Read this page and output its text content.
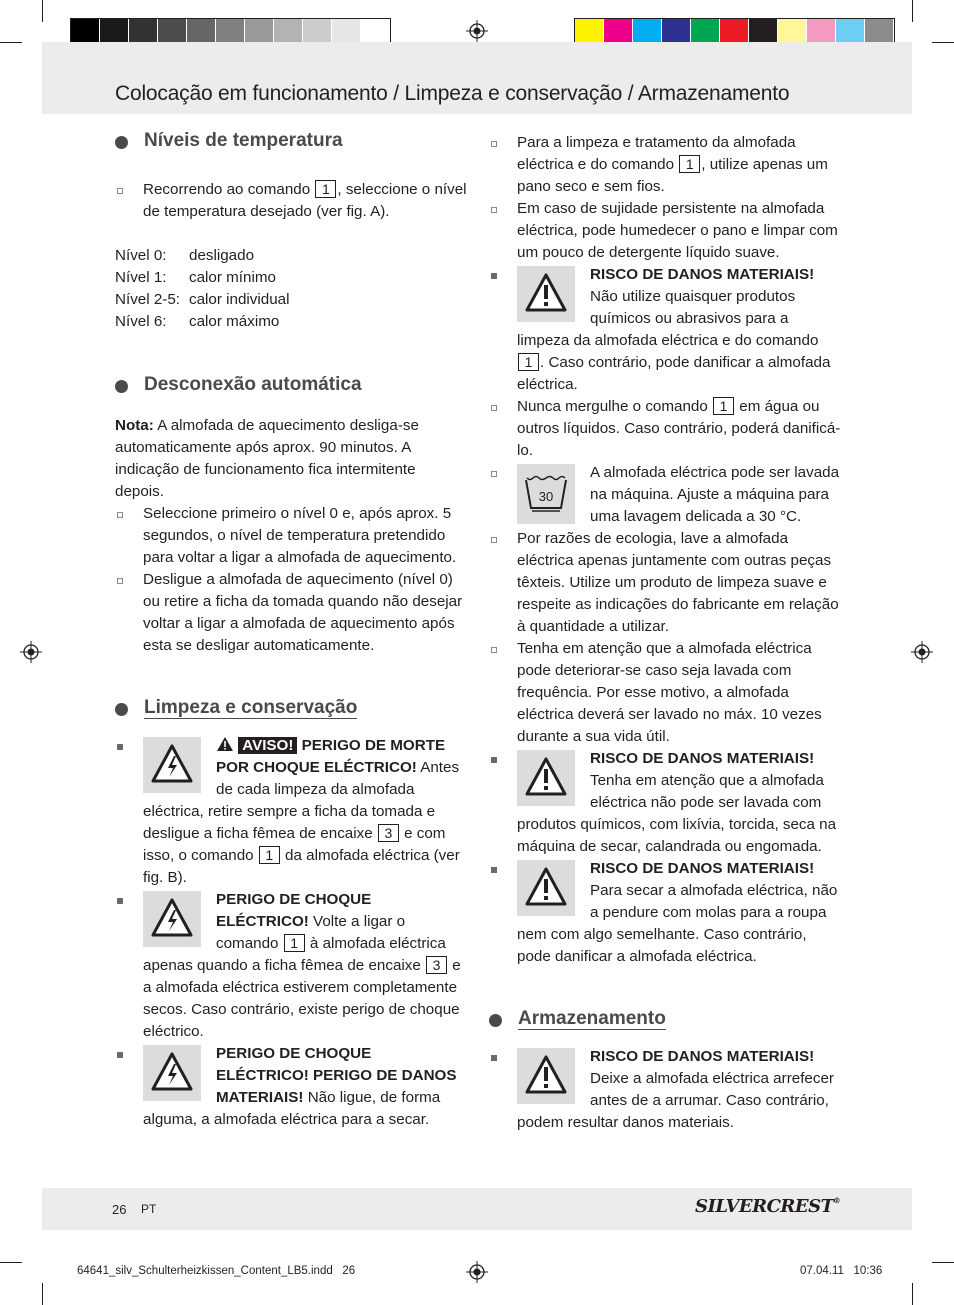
Colocação em funcionamento / Limpeza e conservação / Armazenamento
Níveis de temperatura
Recorrendo ao comando 1 , seleccione o nível de temperatura desejado (ver fig. A).
Nível 0:	desligado
Nível 1:	calor mínimo
Nível 2-5: calor individual
Nível 6:	calor máximo
Desconexão automática

Nota: A almofada de aquecimento desliga-se automaticamente após aprox. 90 minutos. A indicação de funcionamento fica intermitente depois.

Seleccione primeiro o nível 0 e, após aprox. 5 segundos, o nível de temperatura pretendido para voltar a ligar a almofada de aquecimento.
Desligue a almofada de aquecimento (nível 0) ou retire a ficha da tomada quando não desejar voltar a ligar a almofada de aquecimento após esta se desligar automaticamente.
Limpeza e conservação
AVISO! PERIGO DE MORTE POR CHOQUE ELÉCTRICO! Antes de cada limpeza da almofada eléctrica, retire sempre a ficha da tomada e desligue a ficha fêmea de encaixe 3 e com isso, o comando 1 da almofada eléctrica (ver fig. B).
PERIGO DE CHOQUE ELÉCTRICO! Volte a ligar o comando 1 à almofada eléctrica apenas quando a ficha fêmea de encaixe 3 e a almofada eléctrica estiverem completamente secos. Caso contrário, existe perigo de choque eléctrico.
PERIGO DE CHOQUE ELÉCTRICO! PERIGO DE DANOS MATERIAIS! Não ligue, de forma alguma, a almofada eléctrica para a secar.
Para a limpeza e tratamento da almofada eléctrica e do comando 1 , utilize apenas um pano seco e sem fios.
Em caso de sujidade persistente na almofada eléctrica, pode humedecer o pano e limpar com um pouco de detergente líquido suave.
RISCO DE DANOS MATERIAIS! Não utilize quaisquer produtos químicos ou abrasivos para a limpeza da almofada eléctrica e do comando 1 . Caso contrário, pode danificar a almofada eléctrica.
Nunca mergulhe o comando 1 em água ou outros líquidos. Caso contrário, poderá danificá-lo.
30
A almofada eléctrica pode ser lavada na máquina. Ajuste a máquina para uma lavagem delicada a 30 °C.
Por razões de ecologia, lave a almofada eléctrica apenas juntamente com outras peças têxteis. Utilize um produto de limpeza suave e respeite as indicações do fabricante em relação à quantidade a utilizar.
Tenha em atenção que a almofada eléctrica pode deteriorar-se caso seja lavada com frequência. Por esse motivo, a almofada eléctrica deverá ser lavado no máx. 10 vezes durante a sua vida útil.
RISCO DE DANOS MATERIAIS! Tenha em atenção que a almofada eléctrica não pode ser lavada com produtos químicos, com lixívia, torcida, seca na máquina de secar, calandrada ou engomada.
RISCO DE DANOS MATERIAIS! Para secar a almofada eléctrica, não a pendure com molas para a roupa nem com algo semelhante. Caso contrário, pode danificar a almofada eléctrica.
Armazenamento
RISCO DE DANOS MATERIAIS! Deixe a almofada eléctrica arrefecer antes de a arrumar. Caso contrário, podem resultar danos materiais.
26 PT	SILVERCREST®
64641_silv_Schulterheizkissen_Content_LB5.indd   26	07.04.11   10:36
